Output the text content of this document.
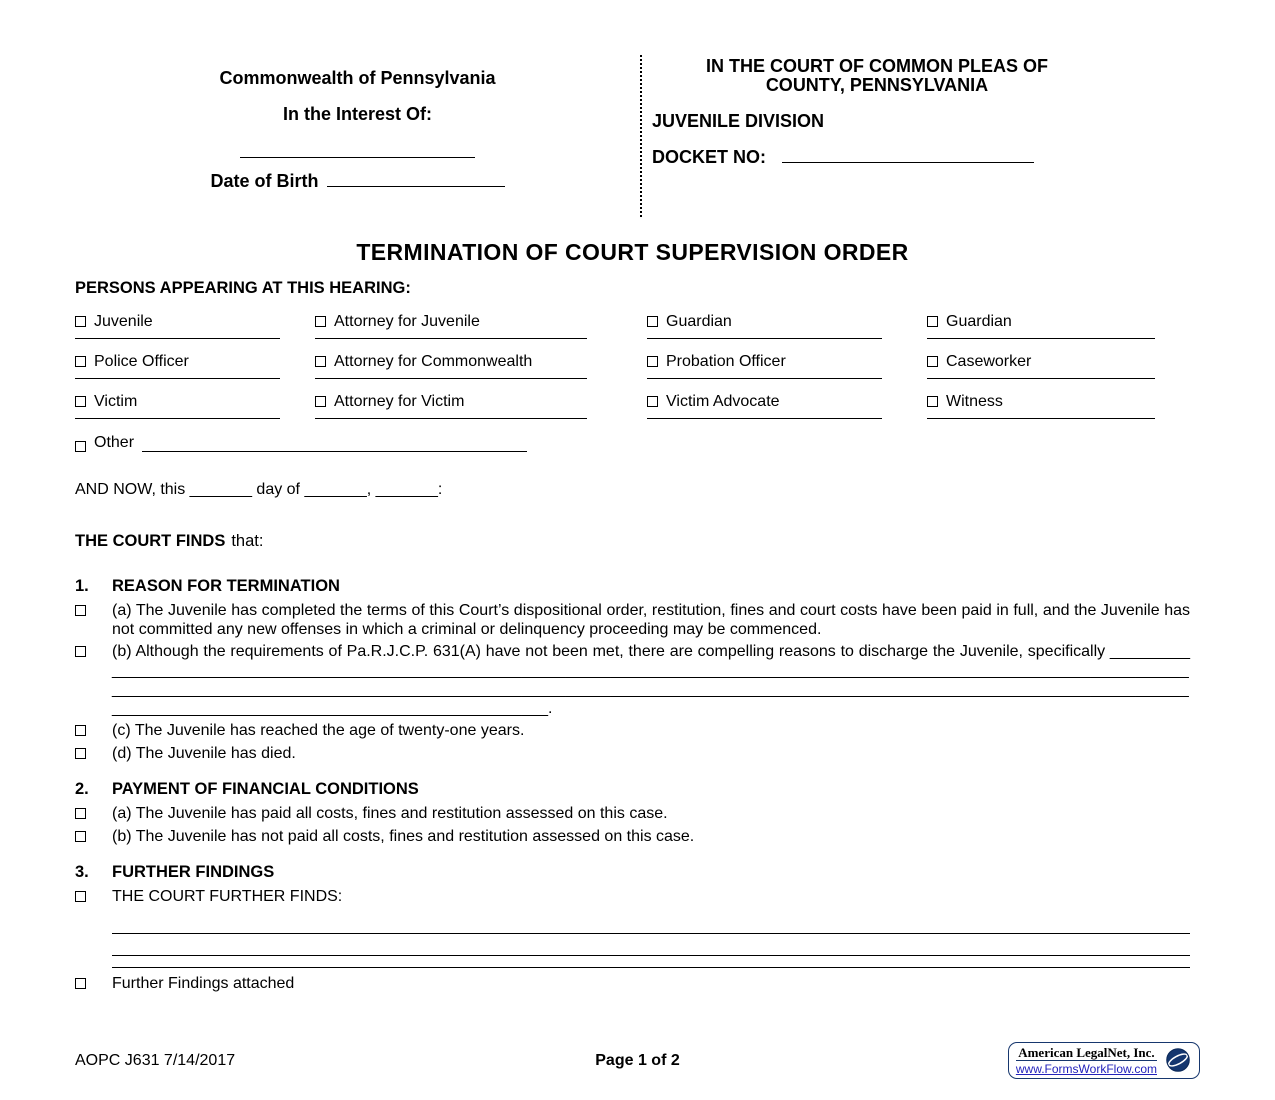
Commonwealth of Pennsylvania
In the Interest Of:
Date of Birth
IN THE COURT OF COMMON PLEAS OF
COUNTY, PENNSYLVANIA
JUVENILE DIVISION
DOCKET NO:
TERMINATION OF COURT SUPERVISION ORDER
PERSONS APPEARING AT THIS HEARING:
Juvenile	Attorney for Juvenile	Guardian	Guardian
Police Officer	Attorney for Commonwealth	Probation Officer	Caseworker
Victim	Attorney for Victim	Victim Advocate	Witness
Other
AND NOW, this _______ day of _______, _______:
THE COURT FINDS that:
1.	REASON FOR TERMINATION
(a) The Juvenile has completed the terms of this Court’s dispositional order, restitution, fines and court costs have been paid in full, and the Juvenile has not committed any new offenses in which a criminal or delinquency proceeding may be commenced.
(b) Although the requirements of Pa.R.J.C.P. 631(A) have not been met, there are compelling reasons to discharge the Juvenile, specifically ____________________________________________________________________________________________________________________________________________________________________________________________________________________________________________________________________________________________________________.
(c) The Juvenile has reached the age of twenty-one years.
(d) The Juvenile has died.
2.	PAYMENT OF FINANCIAL CONDITIONS
(a) The Juvenile has paid all costs, fines and restitution assessed on this case.
(b) The Juvenile has not paid all costs, fines and restitution assessed on this case.
3.	FURTHER FINDINGS
THE COURT FURTHER FINDS:
Further Findings attached
AOPC J631 7/14/2017	Page 1 of 2	American LegalNet, Inc.
www.FormsWorkFlow.com
